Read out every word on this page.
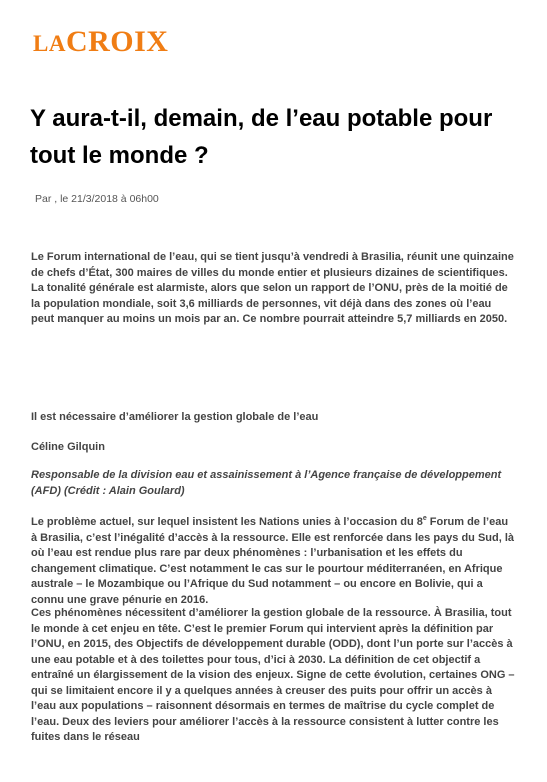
LACROIX
Y aura-t-il, demain, de l’eau potable pour tout le monde ?
Par , le 21/3/2018 à 06h00

Le Forum international de l’eau, qui se tient jusqu’à vendredi à Brasilia, réunit une quinzaine de chefs d’État, 300 maires de villes du monde entier et plusieurs dizaines de scientifiques. La tonalité générale est alarmiste, alors que selon un rapport de l’ONU, près de la moitié de la population mondiale, soit 3,6 milliards de personnes, vit déjà dans des zones où l’eau peut manquer au moins un mois par an. Ce nombre pourrait atteindre 5,7 milliards en 2050.

Il est nécessaire d’améliorer la gestion globale de l’eau

Céline Gilquin

Responsable de la division eau et assainissement à l’Agence française de développement (AFD) (Crédit : Alain Goulard)

Le problème actuel, sur lequel insistent les Nations unies à l’occasion du 8e Forum de l’eau à Brasilia, c’est l’inégalité d’accès à la ressource. Elle est renforcée dans les pays du Sud, là où l’eau est rendue plus rare par deux phénomènes : l’urbanisation et les effets du changement climatique. C’est notamment le cas sur le pourtour méditerranéen, en Afrique australe – le Mozambique ou l’Afrique du Sud notamment – ou encore en Bolivie, qui a connu une grave pénurie en 2016.

Ces phénomènes nécessitent d’améliorer la gestion globale de la ressource. À Brasilia, tout le monde à cet enjeu en tête. C’est le premier Forum qui intervient après la définition par l’ONU, en 2015, des Objectifs de développement durable (ODD), dont l’un porte sur l’accès à une eau potable et à des toilettes pour tous, d’ici à 2030. La définition de cet objectif a entraîné un élargissement de la vision des enjeux. Signe de cette évolution, certaines ONG – qui se limitaient encore il y a quelques années à creuser des puits pour offrir un accès à l’eau aux populations – raisonnent désormais en termes de maîtrise du cycle complet de l’eau. Deux des leviers pour améliorer l’accès à la ressource consistent à lutter contre les fuites dans le réseau
